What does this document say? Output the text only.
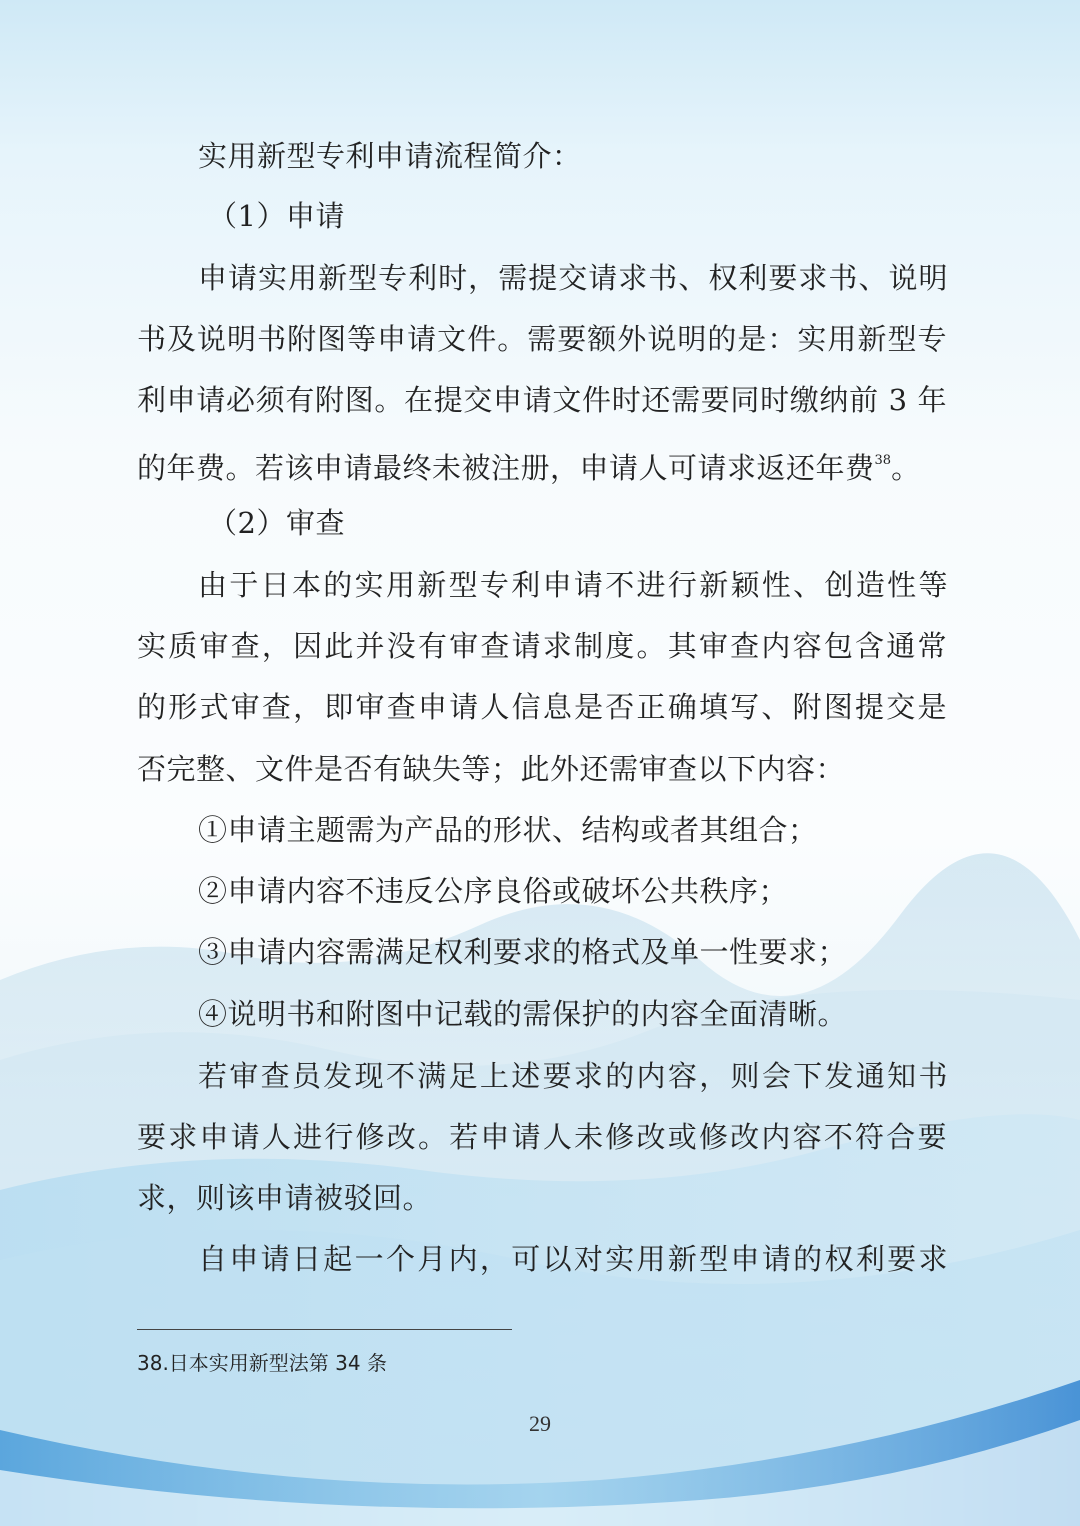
实用新型专利申请流程简介：
（1）申请
申请实用新型专利时，需提交请求书、权利要求书、说明
书及说明书附图等申请文件。需要额外说明的是：实用新型专
利申请必须有附图。在提交申请文件时还需要同时缴纳前 3 年
的年费。若该申请最终未被注册，申请人可请求返还年费$^{38}$。
（2）审查
由于日本的实用新型专利申请不进行新颖性、创造性等
实质审查，因此并没有审查请求制度。其审查内容包含通常
的形式审查，即审查申请人信息是否正确填写、附图提交是
否完整、文件是否有缺失等；此外还需审查以下内容：
①申请主题需为产品的形状、结构或者其组合；
②申请内容不违反公序良俗或破坏公共秩序；
③申请内容需满足权利要求的格式及单一性要求；
④说明书和附图中记载的需保护的内容全面清晰。
若审查员发现不满足上述要求的内容，则会下发通知书
要求申请人进行修改。若申请人未修改或修改内容不符合要
求，则该申请被驳回。
自申请日起一个月内，可以对实用新型申请的权利要求
38.日本实用新型法第 34 条
29
